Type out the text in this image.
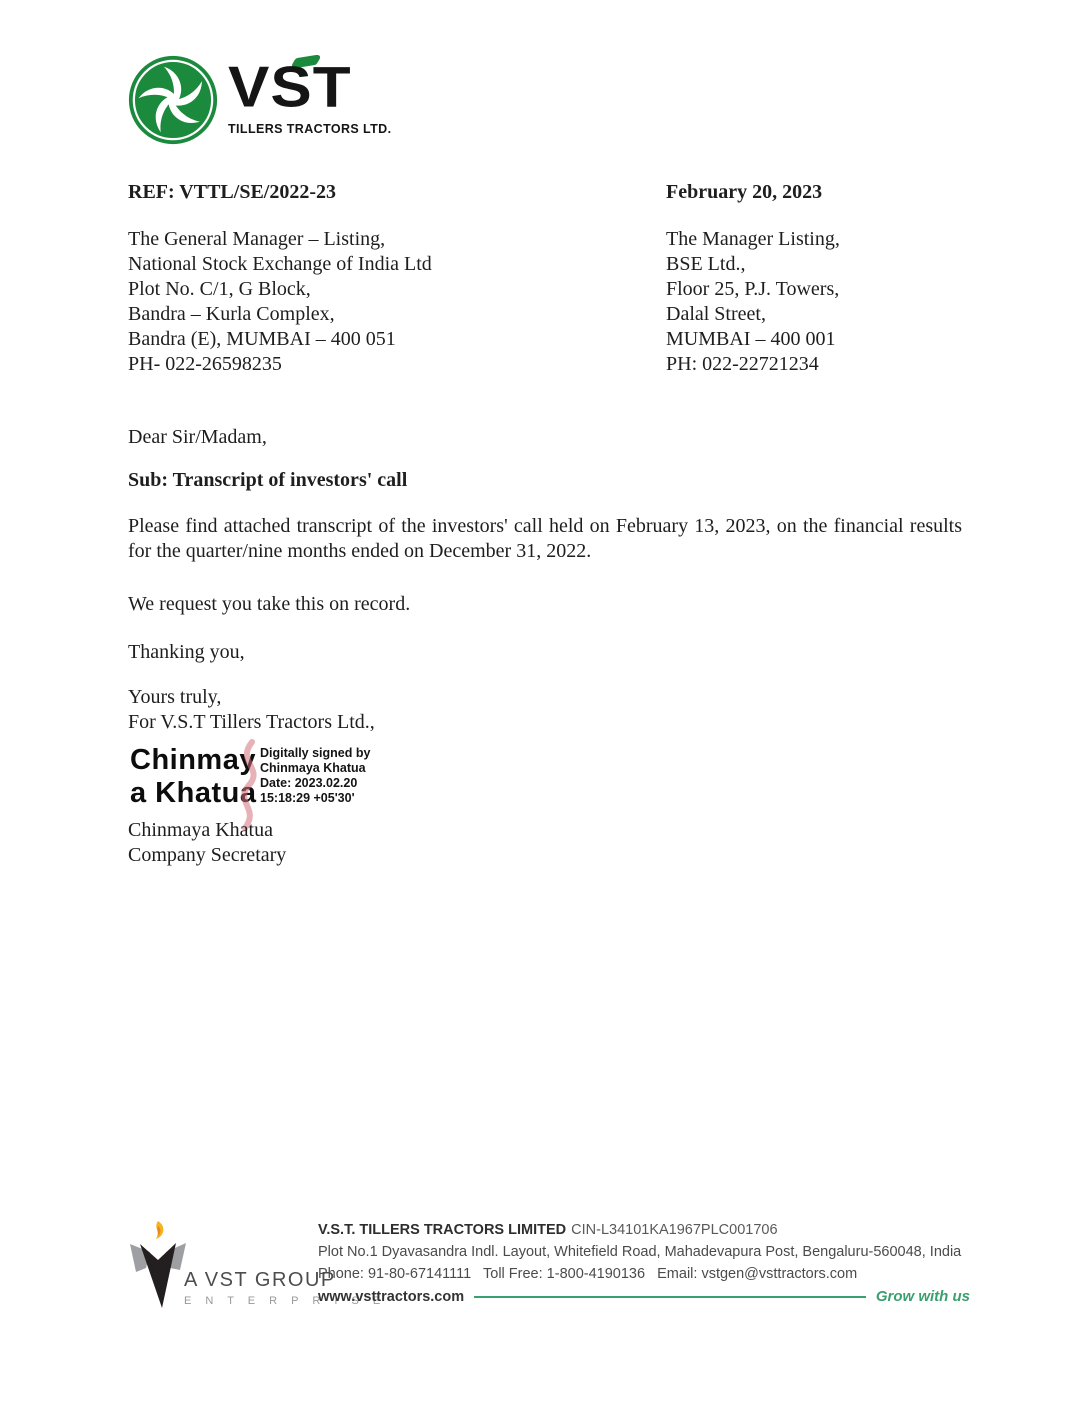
VST
TILLERS TRACTORS LTD.
REF: VTTL/SE/2022-23	February 20, 2023
The General Manager – Listing,
National Stock Exchange of India Ltd
Plot No. C/1, G Block,
Bandra – Kurla Complex,
Bandra (E), MUMBAI – 400 051
PH- 022-26598235
The Manager Listing,
BSE Ltd.,
Floor 25, P.J. Towers,
Dalal Street,
MUMBAI – 400 001
PH: 022-22721234
Dear Sir/Madam,
Sub: Transcript of investors' call
Please find attached transcript of the investors' call held on February 13, 2023, on the financial results for the quarter/nine months ended on December 31, 2022.
We request you take this on record.
Thanking you,
Yours truly,
For V.S.T Tillers Tractors Ltd.,
Chinmay
a Khatua
Digitally signed by
Chinmaya Khatua
Date: 2023.02.20
15:18:29 +05'30'
Chinmaya Khatua
Company Secretary
A VST GROUP
E N T E R P R I S E
V.S.T. TILLERS TRACTORS LIMITED CIN-L34101KA1967PLC001706
Plot No.1 Dyavasandra Indl. Layout, Whitefield Road, Mahadevapura Post, Bengaluru-560048, India
Phone: 91-80-67141111 Toll Free: 1-800-4190136 Email: vstgen@vsttractors.com
www.vsttractors.com	Grow with us
